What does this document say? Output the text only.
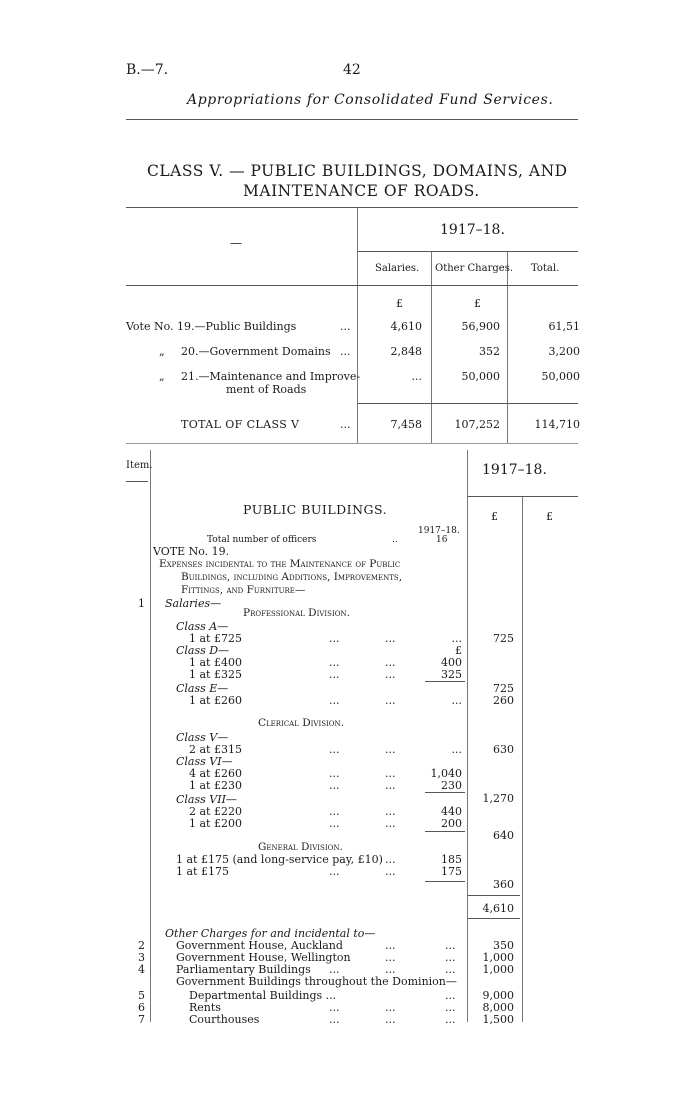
B.—7.	42
Appropriations for Consolidated Fund Services.
CLASS V. — PUBLIC BUILDINGS, DOMAINS, AND
MAINTENANCE OF ROADS.
1917–18.
—
Salaries. Other Charges. Total.
£	£
Vote No. 19.—Public Buildings	...	4,610	56,900	61,51
„ 20.—Government Domains ...	2,848	352	3,200
„ 21.—Maintenance and Improve-
ment of Roads
...	50,000	50,000
TOTAL OF CLASS V	...	7,458	107,252	114,710
Item.	1917–18.
£	£
PUBLIC BUILDINGS.
1917–18.
Total number of officers	..	16
VOTE No. 19.
Expenses incidental to the Maintenance of Public
Buildings, including Additions, Improvements,
Fittings, and Furniture—
1 Salaries—
Professional Division.
Class A—
1 at £725	...	...	...	725
Class D—	£
1 at £400	...	...	400
1 at £325	...	...	325
Class E—	725
1 at £260	...	...	...	260
Clerical Division.
Class V—
2 at £315	...	...	...	630
Class VI—
4 at £260	...	...	1,040
1 at £230	...	...	230
Class VII—	1,270
2 at £220	...	...	440
1 at £200	...	...	200
640
General Division.
1 at £175 (and long-service pay, £10) ...	185
1 at £175	...	...	175
360
4,610
Other Charges for and incidental to—
2	Government House, Auckland	...	...	350
3	Government House, Wellington	...	...	1,000
4	Parliamentary Buildings ...	...	...	1,000
Government Buildings throughout the Dominion—
5	Departmental Buildings ...	...	9,000
6	Rents	...	...	...	8,000
7	Courthouses	...	...	...	1,500
